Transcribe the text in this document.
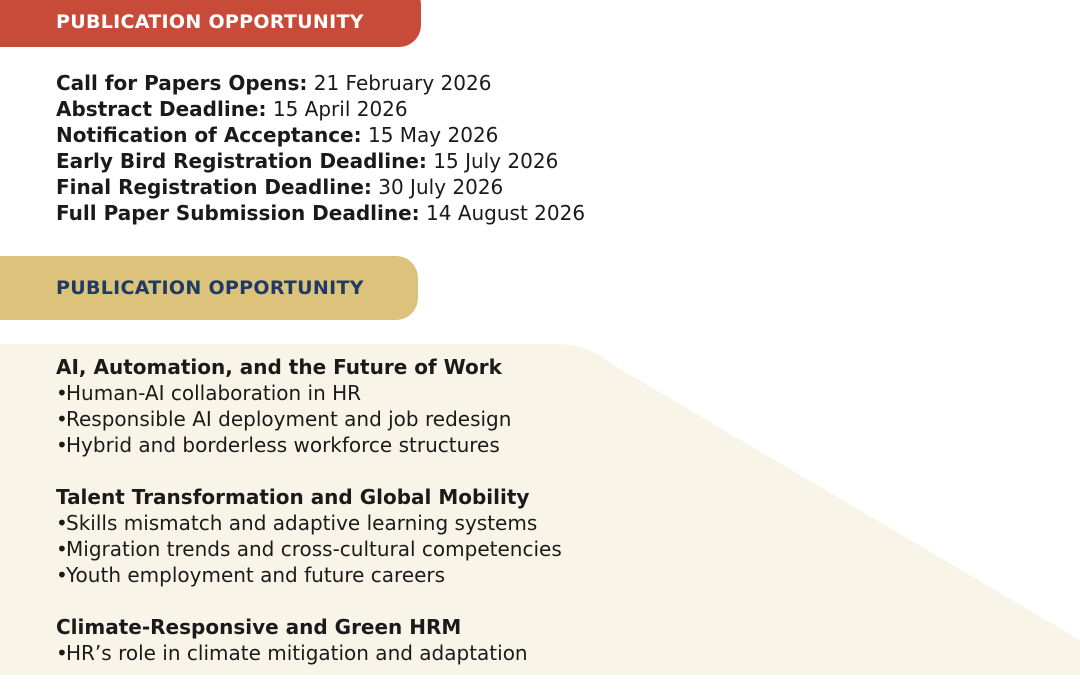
PUBLICATION OPPORTUNITY
Call for Papers Opens: 21 February 2026
Abstract Deadline: 15 April 2026
Notification of Acceptance: 15 May 2026
Early Bird Registration Deadline: 15 July 2026
Final Registration Deadline: 30 July 2026
Full Paper Submission Deadline: 14 August 2026
PUBLICATION OPPORTUNITY
AI, Automation, and the Future of Work
•Human-AI collaboration in HR
•Responsible AI deployment and job redesign
•Hybrid and borderless workforce structures
Talent Transformation and Global Mobility
•Skills mismatch and adaptive learning systems
•Migration trends and cross-cultural competencies
•Youth employment and future careers
Climate-Responsive and Green HRM
•HR’s role in climate mitigation and adaptation
